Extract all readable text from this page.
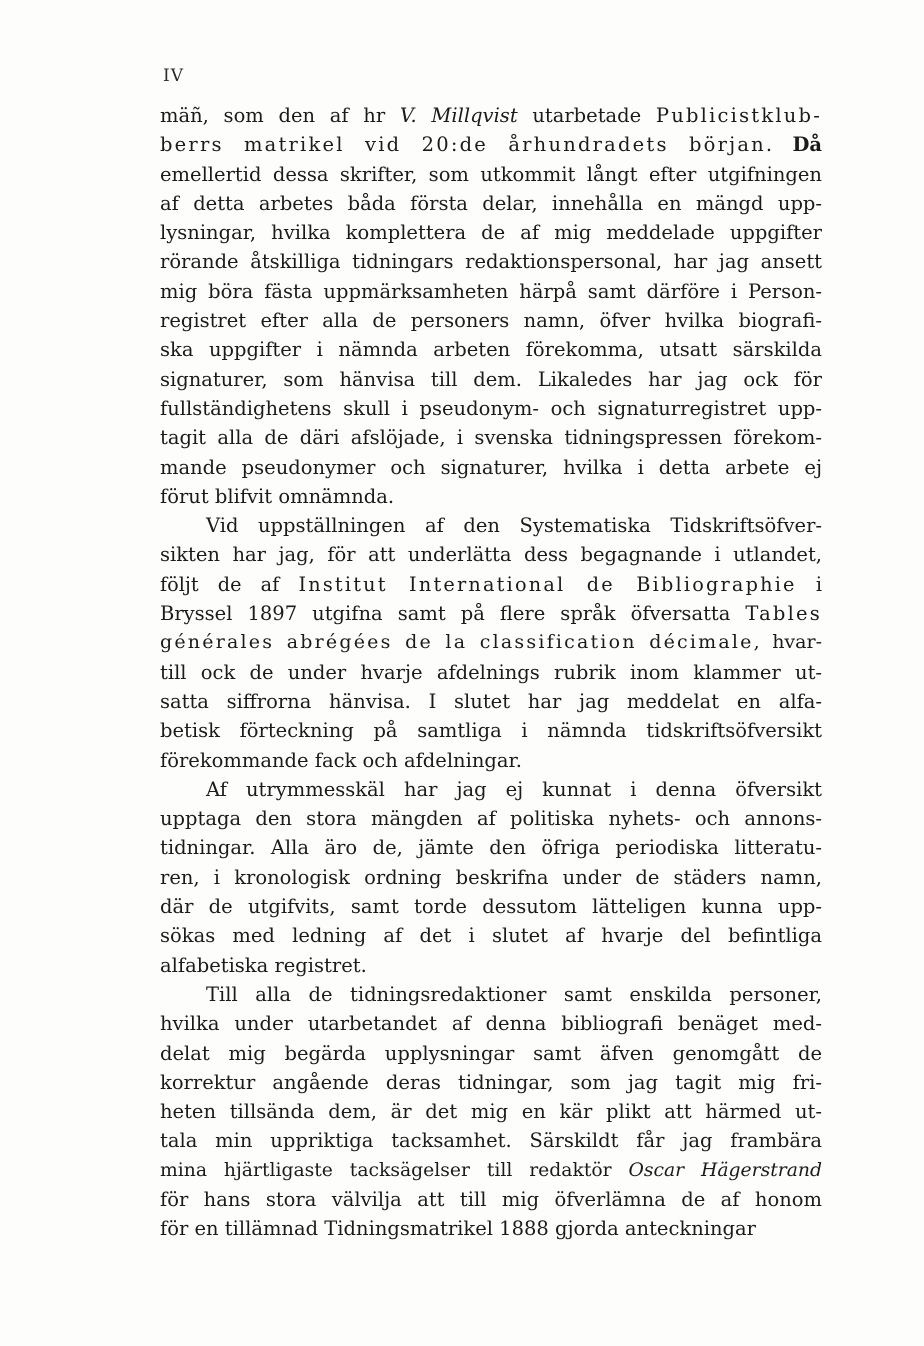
IV
mäñ, som den af hr V. Millqvist utarbetade Publicistklub-
berrs matrikel vid 20:de århundradets början. Då
emellertid dessa skrifter, som utkommit långt efter utgifningen
af detta arbetes båda första delar, innehålla en mängd upp-
lysningar, hvilka komplettera de af mig meddelade uppgifter
rörande åtskilliga tidningars redaktionspersonal, har jag ansett
mig böra fästa uppmärksamheten härpå samt därföre i Person-
registret efter alla de personers namn, öfver hvilka biografi-
ska uppgifter i nämnda arbeten förekomma, utsatt särskilda
signaturer, som hänvisa till dem. Likaledes har jag ock för
fullständighetens skull i pseudonym- och signaturregistret upp-
tagit alla de däri afslöjade, i svenska tidningspressen förekom-
mande pseudonymer och signaturer, hvilka i detta arbete ej
förut blifvit omnämnda.
Vid uppställningen af den Systematiska Tidskriftsöfver-
sikten har jag, för att underlätta dess begagnande i utlandet,
följt de af Institut International de Bibliographie i
Bryssel 1897 utgifna samt på flere språk öfversatta Tables
générales abrégées de la classification décimale, hvar-
till ock de under hvarje afdelnings rubrik inom klammer ut-
satta siffrorna hänvisa. I slutet har jag meddelat en alfa-
betisk förteckning på samtliga i nämnda tidskriftsöfversikt
förekommande fack och afdelningar.
Af utrymmesskäl har jag ej kunnat i denna öfversikt
upptaga den stora mängden af politiska nyhets- och annons-
tidningar. Alla äro de, jämte den öfriga periodiska litteratu-
ren, i kronologisk ordning beskrifna under de städers namn,
där de utgifvits, samt torde dessutom lätteligen kunna upp-
sökas med ledning af det i slutet af hvarje del befintliga
alfabetiska registret.
Till alla de tidningsredaktioner samt enskilda personer,
hvilka under utarbetandet af denna bibliografi benäget med-
delat mig begärda upplysningar samt äfven genomgått de
korrektur angående deras tidningar, som jag tagit mig fri-
heten tillsända dem, är det mig en kär plikt att härmed ut-
tala min uppriktiga tacksamhet. Särskildt får jag frambära
mina hjärtligaste tacksägelser till redaktör Oscar Hägerstrand
för hans stora välvilja att till mig öfverlämna de af honom
för en tillämnad Tidningsmatrikel 1888 gjorda anteckningar
